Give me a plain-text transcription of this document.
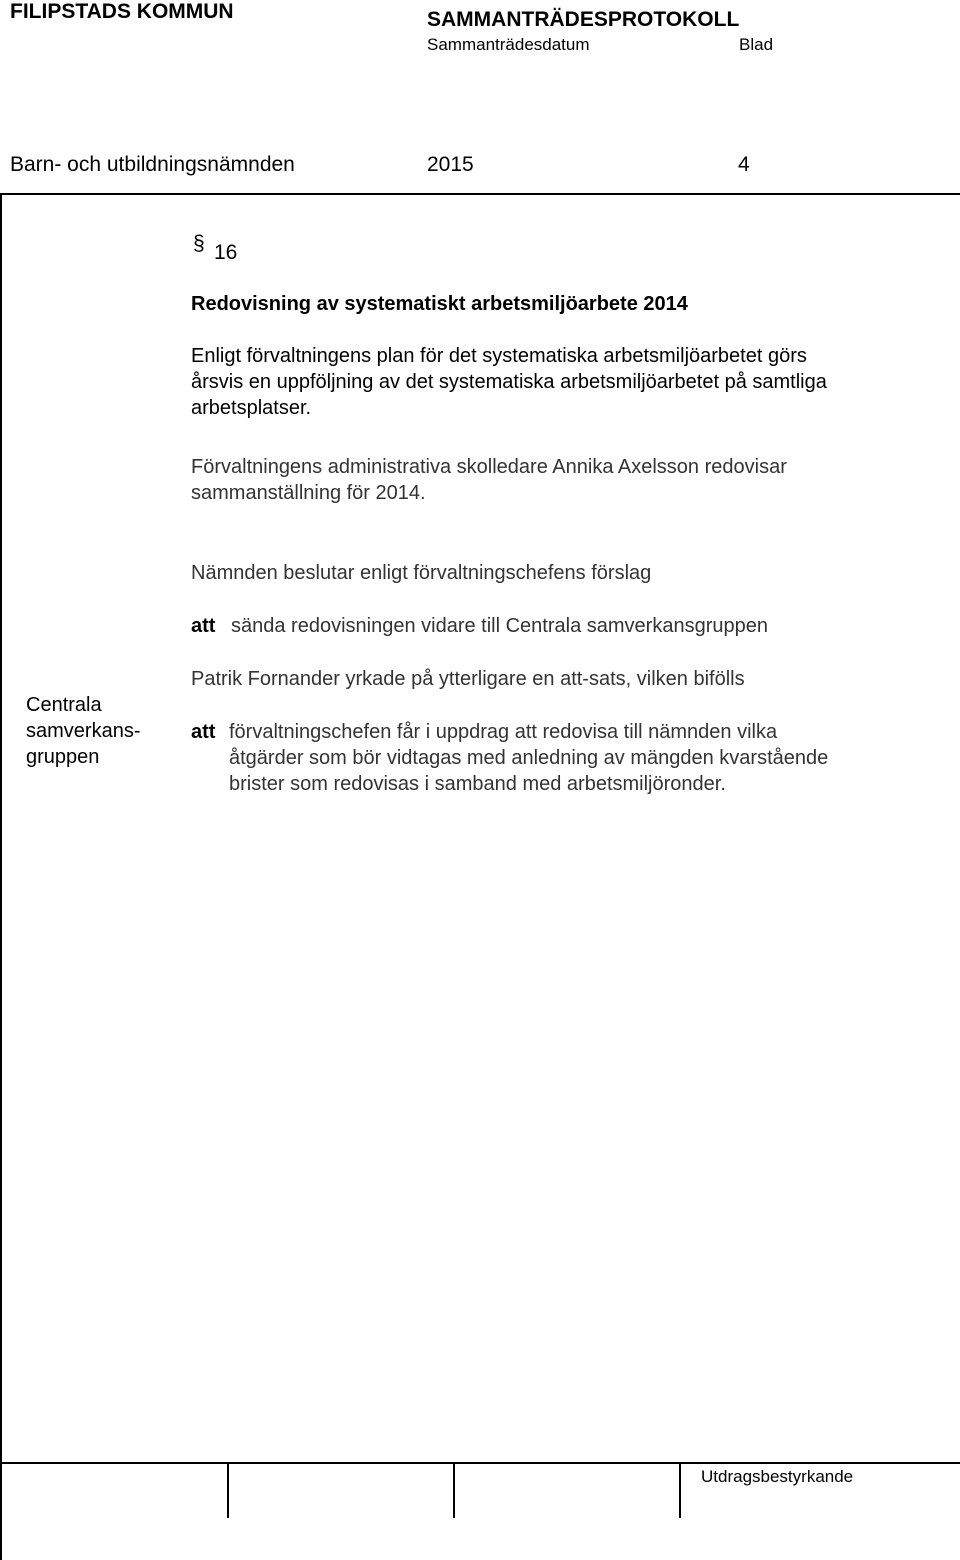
FILIPSTADS KOMMUN	SAMMANTRÄDESPROTOKOLL
Sammanträdesdatum	Blad
Barn- och utbildningsnämnden	2015	4
§ 16
Redovisning av systematiskt arbetsmiljöarbete 2014
Enligt förvaltningens plan för det systematiska arbetsmiljöarbetet görs
årsvis en uppföljning av det systematiska arbetsmiljöarbetet på samtliga
arbetsplatser.
Förvaltningens administrativa skolledare Annika Axelsson redovisar
sammanställning för 2014.
Nämnden beslutar enligt förvaltningschefens förslag
att sända redovisningen vidare till Centrala samverkansgruppen
Patrik Fornander yrkade på ytterligare en att-sats, vilken bifölls
Centrala
samverkans-
gruppen
att förvaltningschefen får i uppdrag att redovisa till nämnden vilka
åtgärder som bör vidtagas med anledning av mängden kvarstående
brister som redovisas i samband med arbetsmiljöronder.
Utdragsbestyrkande
